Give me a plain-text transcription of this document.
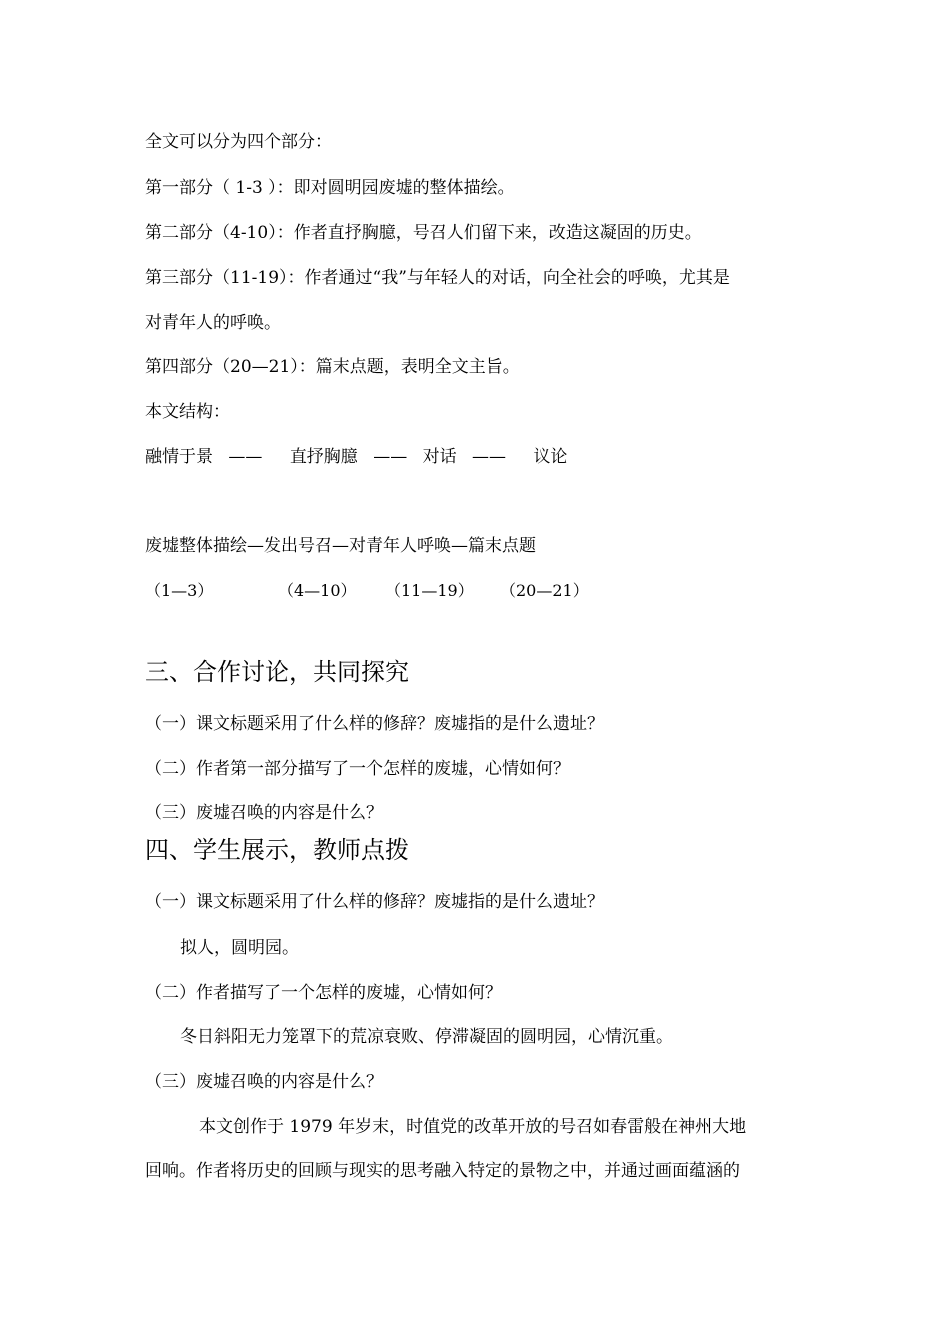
全文可以分为四个部分：
第一部分（ 1-3 ）：即对圆明园废墟的整体描绘。
第二部分（4-10）：作者直抒胸臆，号召人们留下来，改造这凝固的历史。
第三部分（11-19）：作者通过“我”与年轻人的对话，向全社会的呼唤，尤其是
对青年人的呼唤。
第四部分（20—21）：篇末点题，表明全文主旨。
本文结构：
融情于景 —— 直抒胸臆 —— 对话 —— 议论
废墟整体描绘—发出号召—对青年人呼唤—篇末点题
（1—3）	（4—10） （11—19） （20—21）
三、合作讨论，共同探究
（一）课文标题采用了什么样的修辞？废墟指的是什么遗址？
（二）作者第一部分描写了一个怎样的废墟，心情如何？
（三）废墟召唤的内容是什么？
四、学生展示，教师点拨
（一）课文标题采用了什么样的修辞？废墟指的是什么遗址？
拟人，圆明园。
（二）作者描写了一个怎样的废墟，心情如何？
冬日斜阳无力笼罩下的荒凉衰败、停滞凝固的圆明园，心情沉重。
（三）废墟召唤的内容是什么？
本文创作于 1979 年岁末，时值党的改革开放的号召如春雷般在神州大地
回响。作者将历史的回顾与现实的思考融入特定的景物之中，并通过画面蕴涵的
